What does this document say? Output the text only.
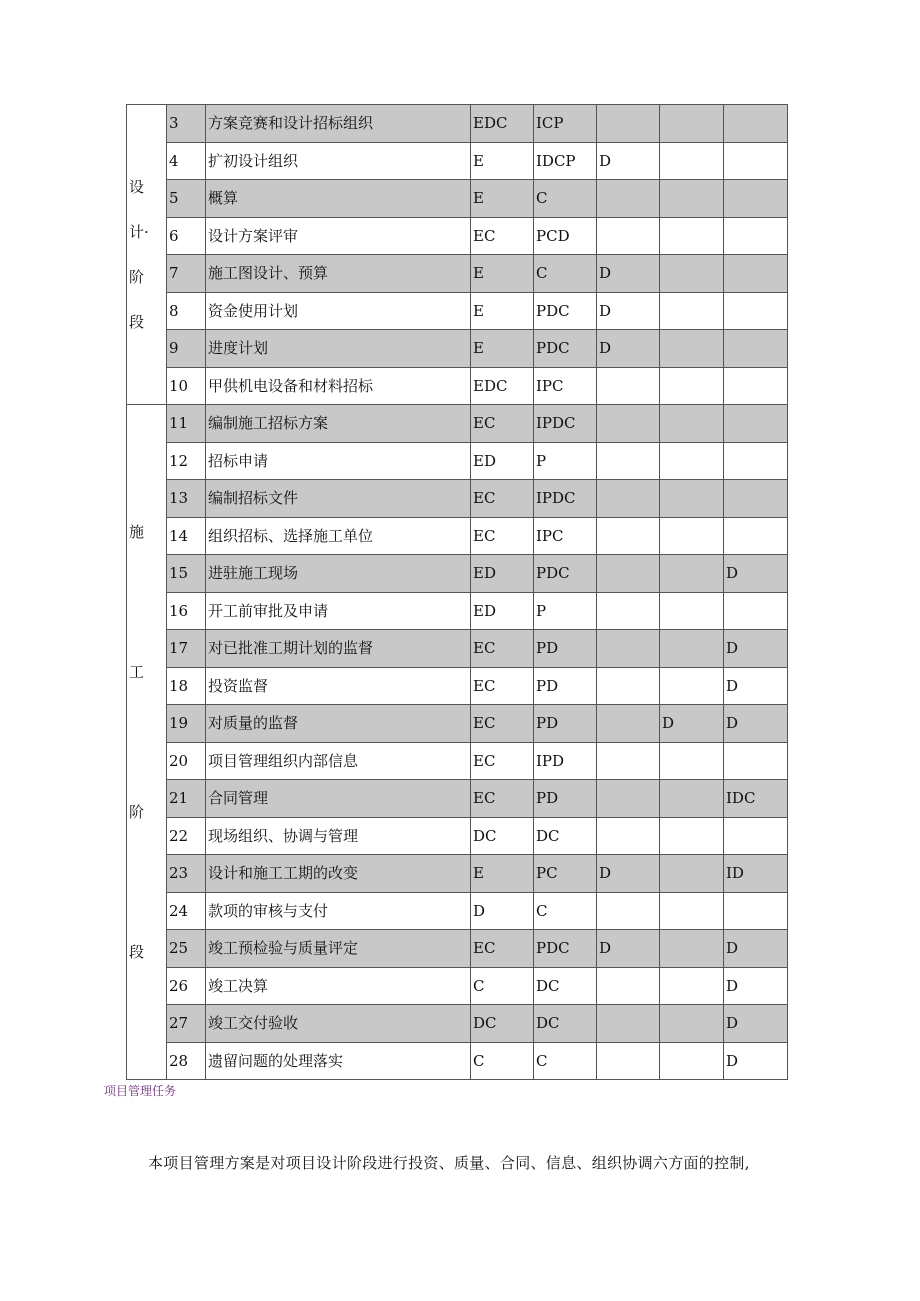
设
计·
阶
段	3	方案竞赛和设计招标组织	EDC	ICP			
	4	扩初设计组织	E	IDCP	D		
	5	概算	E	C			
	6	设计方案评审	EC	PCD			
	7	施工图设计、预算	E	C	D		
	8	资金使用计划	E	PDC	D		
	9	进度计划	E	PDC	D		
	10	甲供机电设备和材料招标	EDC	IPC			

施
工
阶
段	11	编制施工招标方案	EC	IPDC			
	12	招标申请	ED	P			
	13	编制招标文件	EC	IPDC			
	14	组织招标、选择施工单位	EC	IPC			
	15	进驻施工现场	ED	PDC			D
	16	开工前审批及申请	ED	P			
	17	对已批准工期计划的监督	EC	PD			D
	18	投资监督	EC	PD			D
	19	对质量的监督	EC	PD		D	D
	20	项目管理组织内部信息	EC	IPD			
	21	合同管理	EC	PD			IDC
	22	现场组织、协调与管理	DC	DC			
	23	设计和施工工期的改变	E	PC	D		ID
	24	款项的审核与支付	D	C			
	25	竣工预检验与质量评定	EC	PDC	D		D
	26	竣工决算	C	DC			D
	27	竣工交付验收	DC	DC			D
	28	遗留问题的处理落实	C	C			D
项目管理任务
本项目管理方案是对项目设计阶段进行投资、质量、合同、信息、组织协调六方面的控制,
